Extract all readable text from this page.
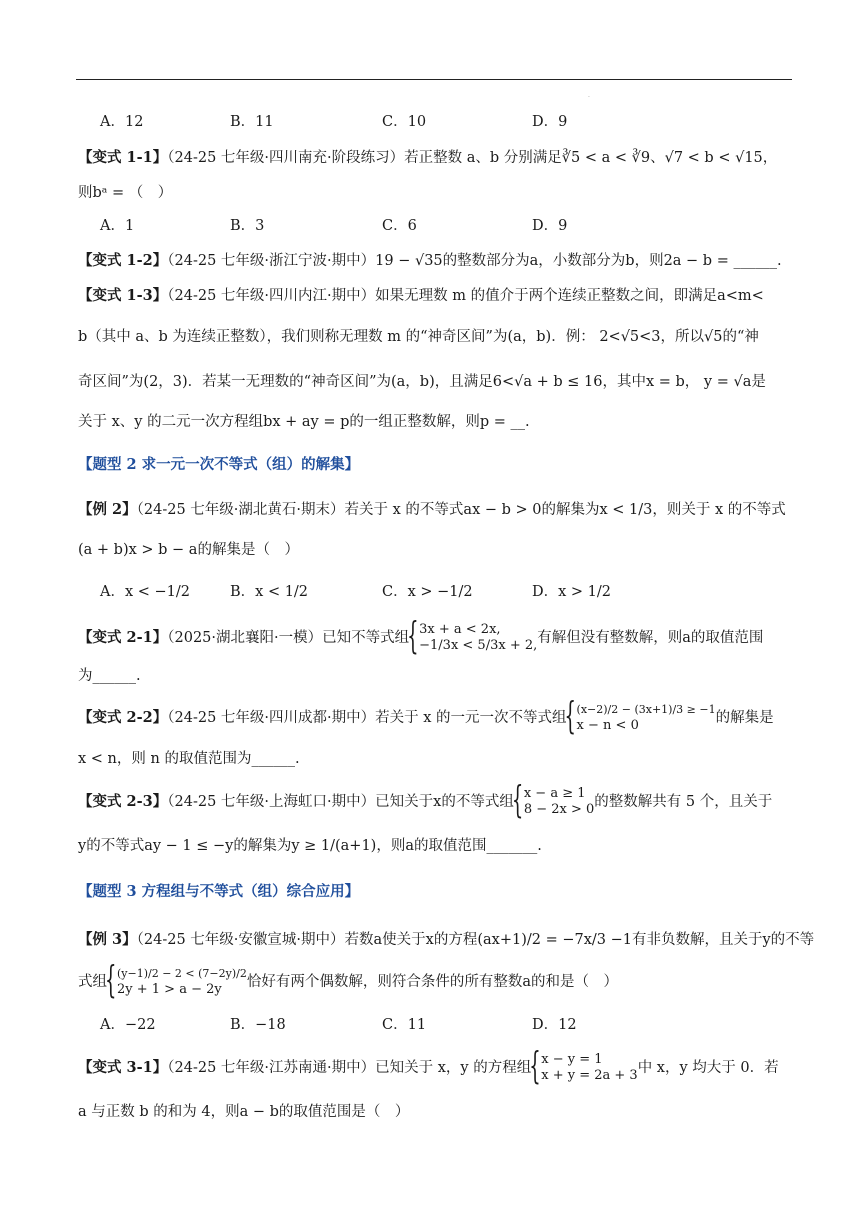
.
A．12	B．11	C．10	D．9
【变式 1-1】（24-25 七年级·四川南充·阶段练习）若正整数 a、b 分别满足∛5 < a < ∛9、√7 < b < √15，
则bᵃ = （　）
A．1	B．3	C．6	D．9
【变式 1-2】（24-25 七年级·浙江宁波·期中）19 − √35的整数部分为a，小数部分为b，则2a − b = ______.
【变式 1-3】（24-25 七年级·四川内江·期中）如果无理数 m 的值介于两个连续正整数之间，即满足a<m<
b（其中 a、b 为连续正整数），我们则称无理数 m 的“神奇区间”为(a，b)．例： 2<√5<3，所以√5的“神
奇区间”为(2，3)．若某一无理数的“神奇区间”为(a，b)，且满足6<√a + b ≤ 16，其中x = b， y = √a是
关于 x、y 的二元一次方程组bx + ay = p的一组正整数解，则p = __.
【题型 2 求一元一次不等式（组）的解集】
【例 2】（24-25 七年级·湖北黄石·期末）若关于 x 的不等式ax − b > 0的解集为x < 1/3，则关于 x 的不等式
(a + b)x > b − a的解集是（　）
A．x < −1/2	B．x < 1/2	C．x > −1/2	D．x > 1/2
【变式 2-1】（2025·湖北襄阳·一模）已知不等式组
{ 3x + a < 2x,
−1/3x < 5/3x + 2, 有解但没有整数解，则a的取值范围
为______.
【变式 2-2】（24-25 七年级·四川成都·期中）若关于 x 的一元一次不等式组
{ (x−2)/2 − (3x+1)/3 ≥ −1
x − n < 0	的解集是
x < n，则 n 的取值范围为______.
【变式 2-3】（24-25 七年级·上海虹口·期中）已知关于x的不等式组
{ x − a ≥ 1
8 − 2x > 0 的整数解共有 5 个，且关于
y的不等式ay − 1 ≤ −y的解集为y ≥ 1/(a+1)，则a的取值范围_______.
【题型 3 方程组与不等式（组）综合应用】
【例 3】（24-25 七年级·安徽宣城·期中）若数a使关于x的方程(ax+1)/2 = −7x/3 −1有非负数解，且关于y的不等
式组
{ (y−1)/2 − 2 < (7−2y)/2
2y + 1 > a − 2y	恰好有两个偶数解，则符合条件的所有整数a的和是（　）
A．−22	B．−18	C．11	D．12
【变式 3-1】（24-25 七年级·江苏南通·期中）已知关于 x，y 的方程组
{ x − y = 1
x + y = 2a + 3 中 x，y 均大于 0．若
a 与正数 b 的和为 4，则a − b的取值范围是（　）
